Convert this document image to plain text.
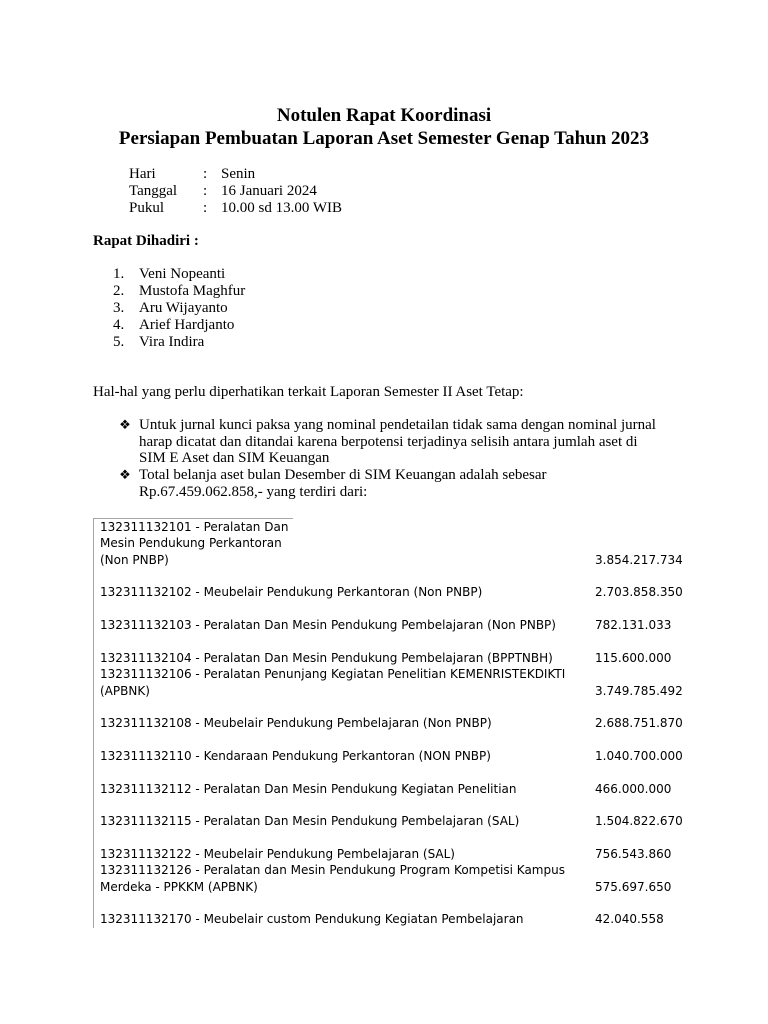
Notulen Rapat Koordinasi
Persiapan Pembuatan Laporan Aset Semester Genap Tahun 2023
Hari	: Senin
Tanggal : 16 Januari 2024
Pukul	: 10.00 sd 13.00 WIB
Rapat Dihadiri :
1. Veni Nopeanti
2. Mustofa Maghfur
3. Aru Wijayanto
4. Arief Hardjanto
5. Vira Indira
Hal-hal yang perlu diperhatikan terkait Laporan Semester II Aset Tetap:
❖ Untuk jurnal kunci paksa yang nominal pendetailan tidak sama dengan nominal jurnal
harap dicatat dan ditandai karena berpotensi terjadinya selisih antara jumlah aset di
SIM E Aset dan SIM Keuangan
❖ Total belanja aset bulan Desember di SIM Keuangan adalah sebesar
Rp.67.459.062.858,- yang terdiri dari:
132311132101 - Peralatan Dan
Mesin Pendukung Perkantoran
(Non PNBP)	3.854.217.734
132311132102 - Meubelair Pendukung Perkantoran (Non PNBP)	2.703.858.350
132311132103 - Peralatan Dan Mesin Pendukung Pembelajaran (Non PNBP)	782.131.033
132311132104 - Peralatan Dan Mesin Pendukung Pembelajaran (BPPTNBH)	115.600.000
132311132106 - Peralatan Penunjang Kegiatan Penelitian KEMENRISTEKDIKTI
(APBNK)	3.749.785.492
132311132108 - Meubelair Pendukung Pembelajaran (Non PNBP)	2.688.751.870
132311132110 - Kendaraan Pendukung Perkantoran (NON PNBP)	1.040.700.000
132311132112 - Peralatan Dan Mesin Pendukung Kegiatan Penelitian	466.000.000
132311132115 - Peralatan Dan Mesin Pendukung Pembelajaran (SAL)	1.504.822.670
132311132122 - Meubelair Pendukung Pembelajaran (SAL)	756.543.860
132311132126 - Peralatan dan Mesin Pendukung Program Kompetisi Kampus
Merdeka - PPKKM (APBNK)	575.697.650
132311132170 - Meubelair custom Pendukung Kegiatan Pembelajaran	42.040.558
